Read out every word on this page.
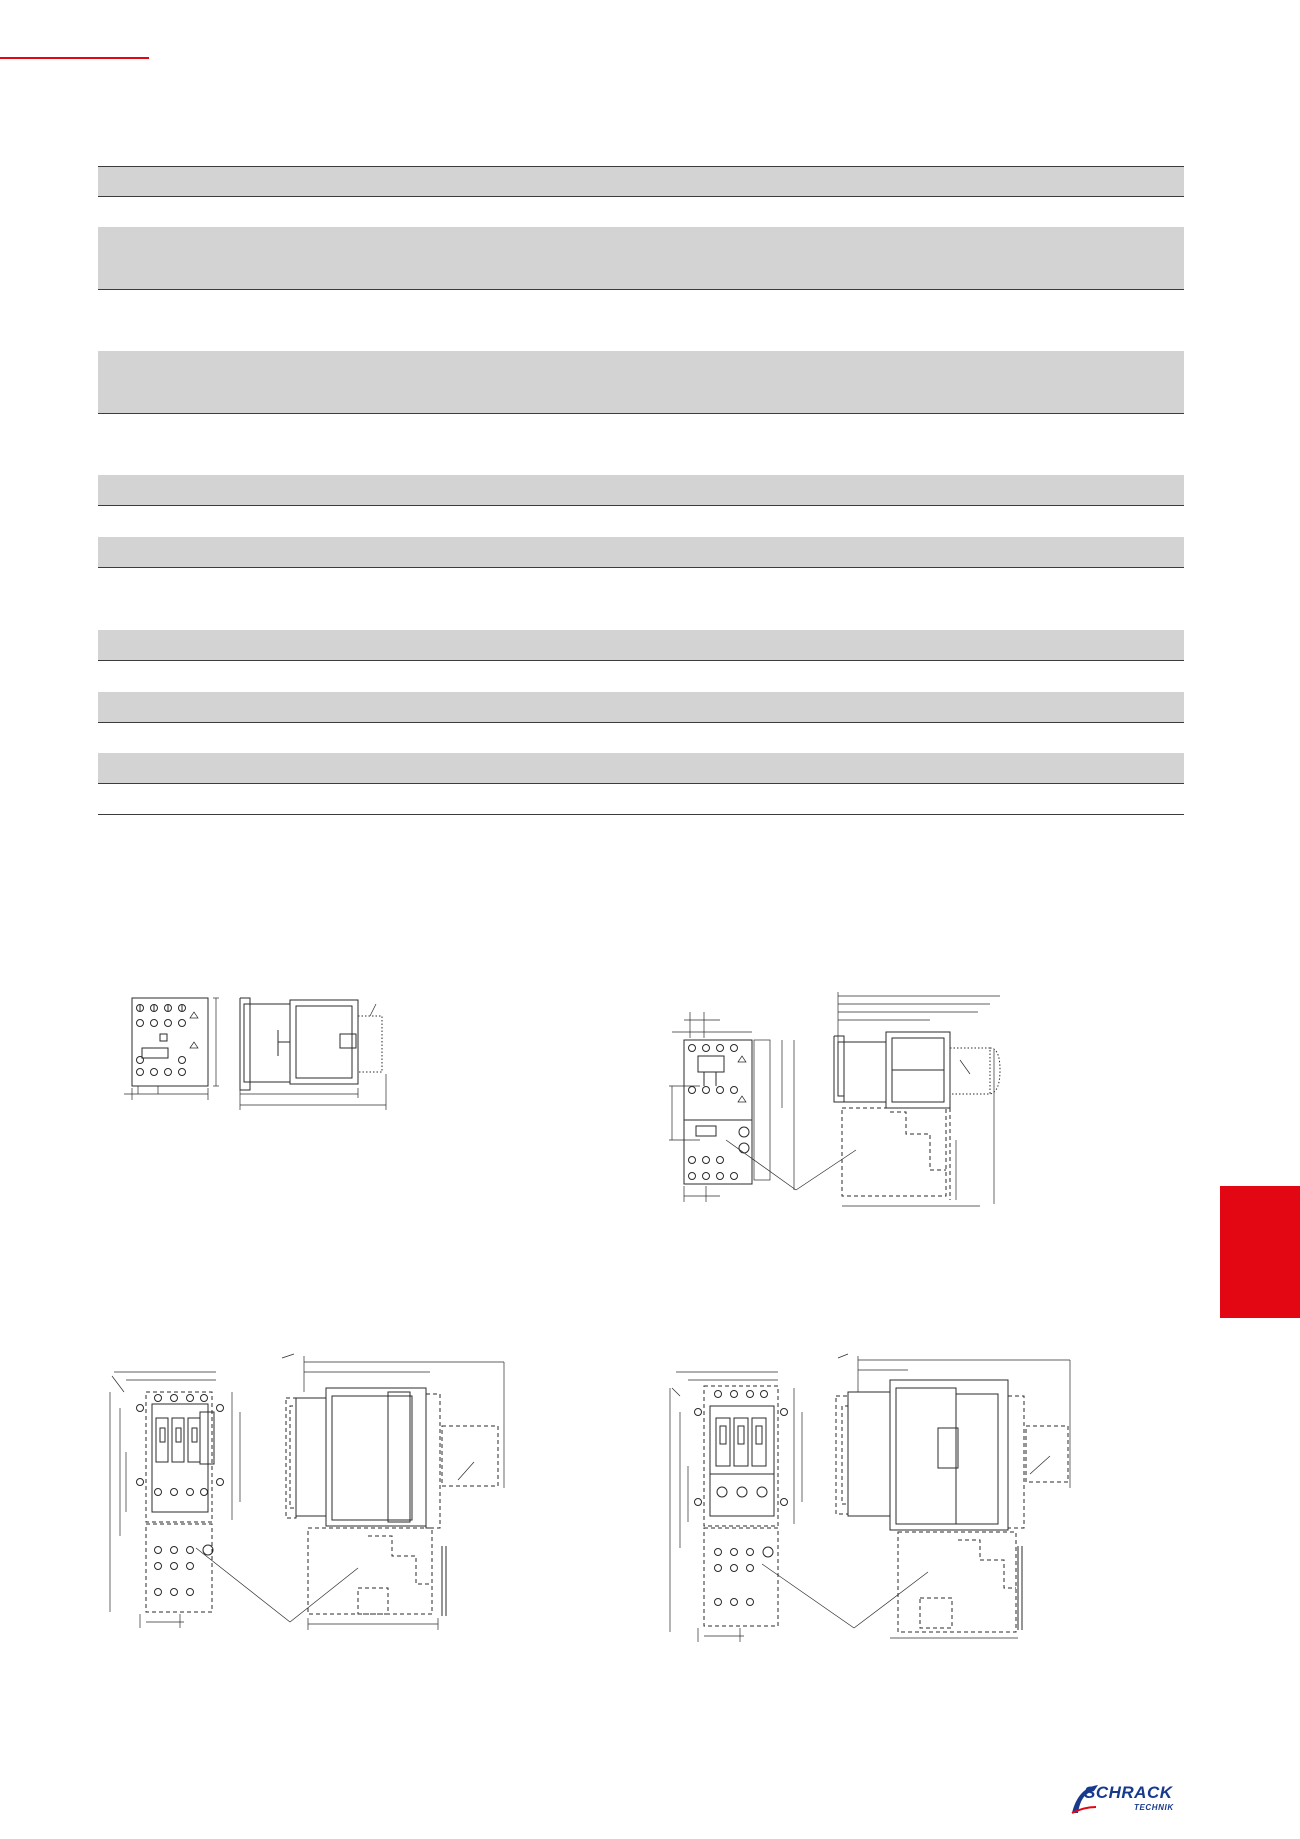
SCHRACK
TECHNIK
